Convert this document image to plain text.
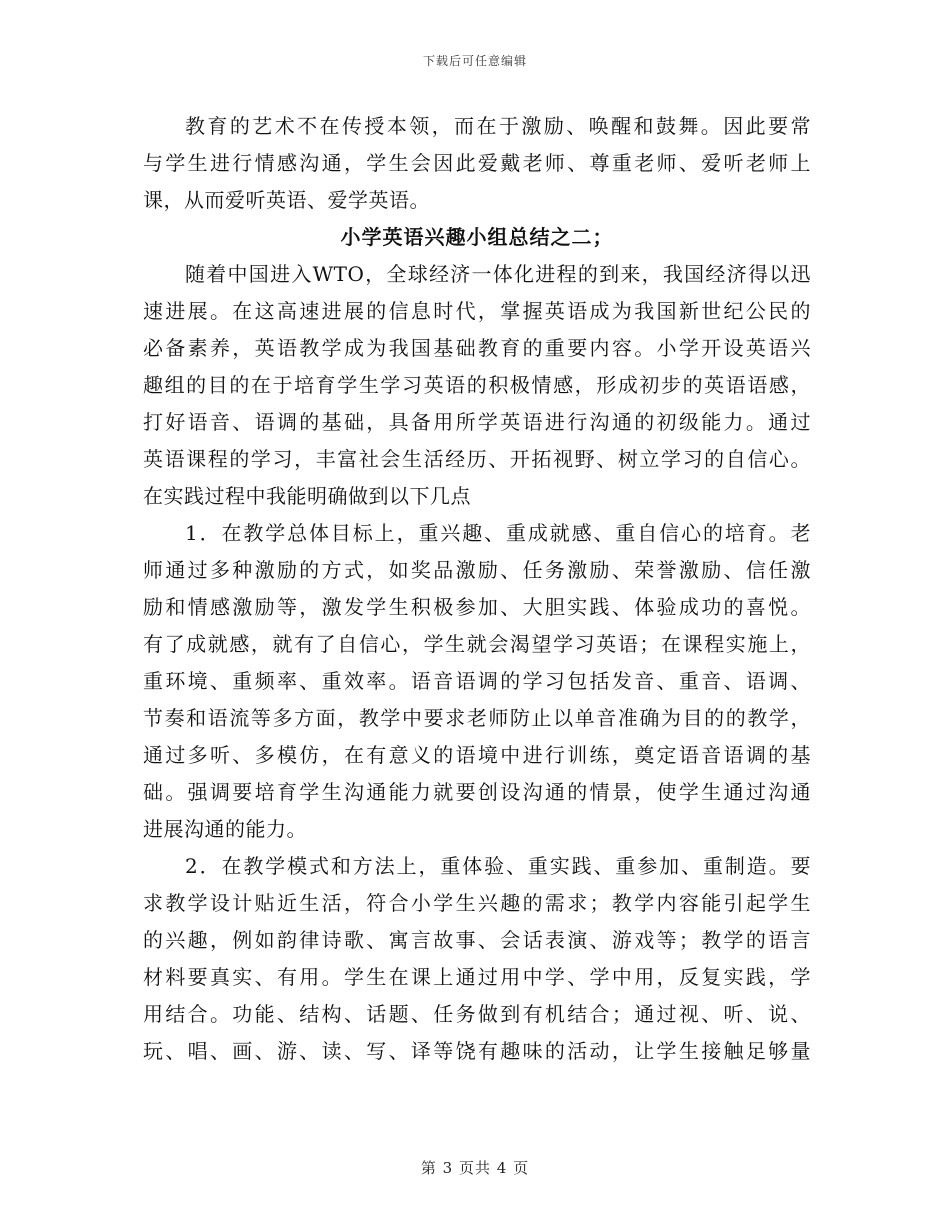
下载后可任意编辑
教育的艺术不在传授本领，而在于激励、唤醒和鼓舞。因此要常
与学生进行情感沟通，学生会因此爱戴老师、尊重老师、爱听老师上
课，从而爱听英语、爱学英语。
小学英语兴趣小组总结之二；
随着中国进入WTO，全球经济一体化进程的到来，我国经济得以迅
速进展。在这高速进展的信息时代，掌握英语成为我国新世纪公民的
必备素养，英语教学成为我国基础教育的重要内容。小学开设英语兴
趣组的目的在于培育学生学习英语的积极情感，形成初步的英语语感，
打好语音、语调的基础，具备用所学英语进行沟通的初级能力。通过
英语课程的学习，丰富社会生活经历、开拓视野、树立学习的自信心。
在实践过程中我能明确做到以下几点
1．在教学总体目标上，重兴趣、重成就感、重自信心的培育。老
师通过多种激励的方式，如奖品激励、任务激励、荣誉激励、信任激
励和情感激励等，激发学生积极参加、大胆实践、体验成功的喜悦。
有了成就感，就有了自信心，学生就会渴望学习英语；在课程实施上，
重环境、重频率、重效率。语音语调的学习包括发音、重音、语调、
节奏和语流等多方面，教学中要求老师防止以单音准确为目的的教学，
通过多听、多模仿，在有意义的语境中进行训练，奠定语音语调的基
础。强调要培育学生沟通能力就要创设沟通的情景，使学生通过沟通
进展沟通的能力。
2．在教学模式和方法上，重体验、重实践、重参加、重制造。要
求教学设计贴近生活，符合小学生兴趣的需求；教学内容能引起学生
的兴趣，例如韵律诗歌、寓言故事、会话表演、游戏等；教学的语言
材料要真实、有用。学生在课上通过用中学、学中用，反复实践，学
用结合。功能、结构、话题、任务做到有机结合；通过视、听、说、
玩、唱、画、游、读、写、译等饶有趣味的活动，让学生接触足够量
第 3 页共 4 页
